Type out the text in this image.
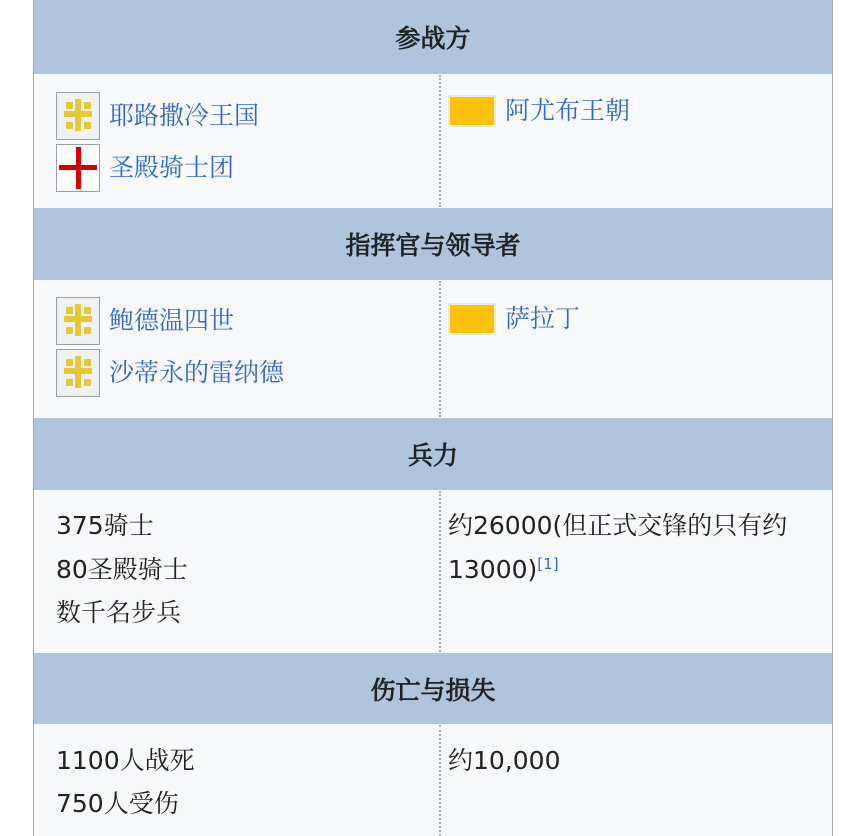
参战方
耶路撒冷王国
圣殿骑士团
阿尤布王朝
指挥官与领导者
鲍德温四世
沙蒂永的雷纳德
萨拉丁
兵力
375骑士
80圣殿骑士
数千名步兵
约26000(但正式交锋的只有约
13000) [1]
伤亡与损失
1100人战死
750人受伤
约10,000
